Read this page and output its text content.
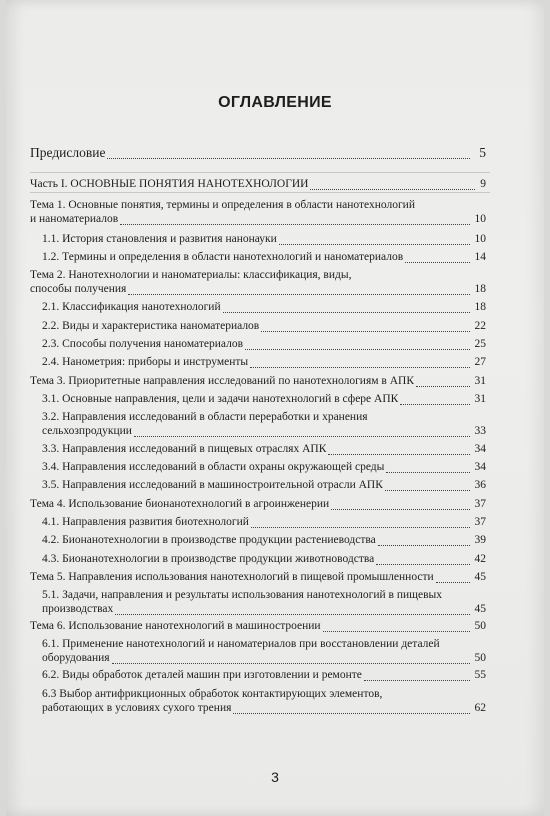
ОГЛАВЛЕНИЕ
Предисловие	5
Часть I. ОСНОВНЫЕ ПОНЯТИЯ НАНОТЕХНОЛОГИИ	9
Тема 1. Основные понятия, термины и определения в области нанотехнологий
и наноматериалов	10
1.1. История становления и развития нанонауки	10
1.2. Термины и определения в области нанотехнологий и наноматериалов	14
Тема 2. Нанотехнологии и наноматериалы: классификация, виды,
способы получения	18
2.1. Классификация нанотехнологий	18
2.2. Виды и характеристика наноматериалов	22
2.3. Способы получения наноматериалов	25
2.4. Нанометрия: приборы и инструменты	27
Тема 3. Приоритетные направления исследований по нанотехнологиям в АПК	31
3.1. Основные направления, цели и задачи нанотехнологий в сфере АПК	31
3.2. Направления исследований в области переработки и хранения
сельхозпродукции	33
3.3. Направления исследований в пищевых отраслях АПК	34
3.4. Направления исследований в области охраны окружающей среды	34
3.5. Направления исследований в машиностроительной отрасли АПК	36
Тема 4. Использование бионанотехнологий в агроинженерии	37
4.1. Направления развития биотехнологий	37
4.2. Бионанотехнологии в производстве продукции растениеводства	39
4.3. Бионанотехнологии в производстве продукции животноводства	42
Тема 5. Направления использования нанотехнологий в пищевой промышленности	45
5.1. Задачи, направления и результаты использования нанотехнологий в пищевых
производствах	45
Тема 6. Использование нанотехнологий в машиностроении	50
6.1. Применение нанотехнологий и наноматериалов при восстановлении деталей
оборудования	50
6.2. Виды обработок деталей машин при изготовлении и ремонте	55
6.3 Выбор антифрикционных обработок контактирующих элементов,
работающих в условиях сухого трения	62
3
